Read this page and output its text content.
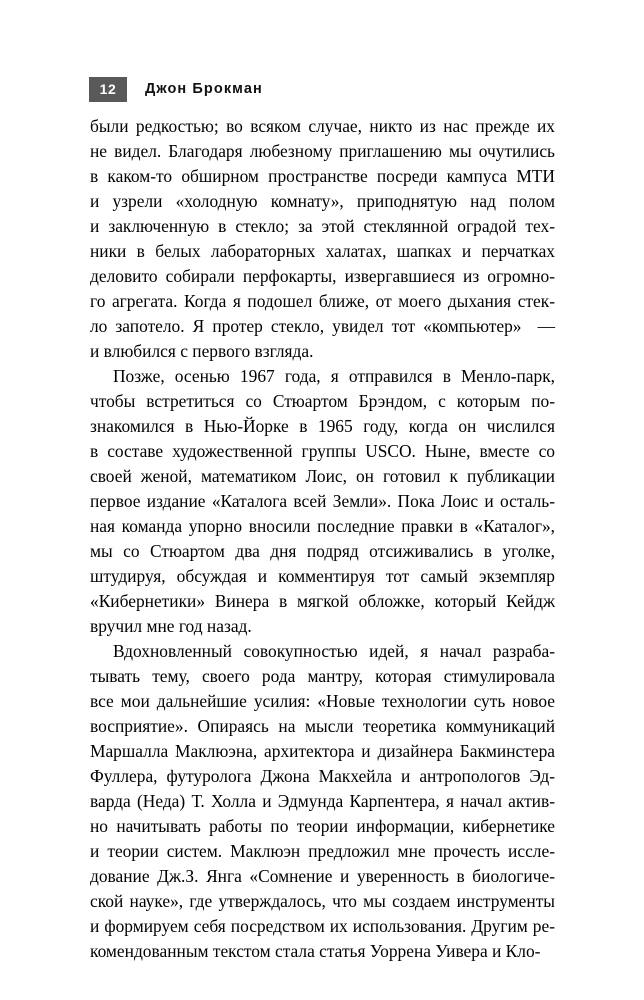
12	Джон Брокман

были редкостью; во всяком случае, никто из нас прежде их
не видел. Благодаря любезному приглашению мы очутились
в каком-то обширном пространстве посреди кампуса МТИ
и узрели «холодную комнату», приподнятую над полом
и заключенную в стекло; за этой стеклянной оградой тех-
ники в белых лабораторных халатах, шапках и перчатках
деловито собирали перфокарты, извергавшиеся из огромно-
го агрегата. Когда я подошел ближе, от моего дыхания стек-
ло запотело. Я протер стекло, увидел тот «компьютер»  —
и влюбился с первого взгляда.

Позже, осенью 1967 года, я отправился в Менло-парк,
чтобы встретиться со Стюартом Брэндом, с которым по-
знакомился в Нью-Йорке в 1965 году, когда он числился
в составе художественной группы USCO. Ныне, вместе со
своей женой, математиком Лоис, он готовил к публикации
первое издание «Каталога всей Земли». Пока Лоис и осталь-
ная команда упорно вносили последние правки в «Каталог»,
мы со Стюартом два дня подряд отсиживались в уголке,
штудируя, обсуждая и комментируя тот самый экземпляр
«Кибернетики» Винера в мягкой обложке, который Кейдж
вручил мне год назад.

Вдохновленный совокупностью идей, я начал разраба-
тывать тему, своего рода мантру, которая стимулировала
все мои дальнейшие усилия: «Новые технологии суть новое
восприятие». Опираясь на мысли теоретика коммуникаций
Маршалла Маклюэна, архитектора и дизайнера Бакминстера
Фуллера, футуролога Джона Макхейла и антропологов Эд-
варда (Неда) Т. Холла и Эдмунда Карпентера, я начал актив-
но начитывать работы по теории информации, кибернетике
и теории систем. Маклюэн предложил мне прочесть иссле-
дование Дж.З. Янга «Сомнение и уверенность в биологиче-
ской науке», где утверждалось, что мы создаем инструменты
и формируем себя посредством их использования. Другим ре-
комендованным текстом стала статья Уоррена Уивера и Кло-
